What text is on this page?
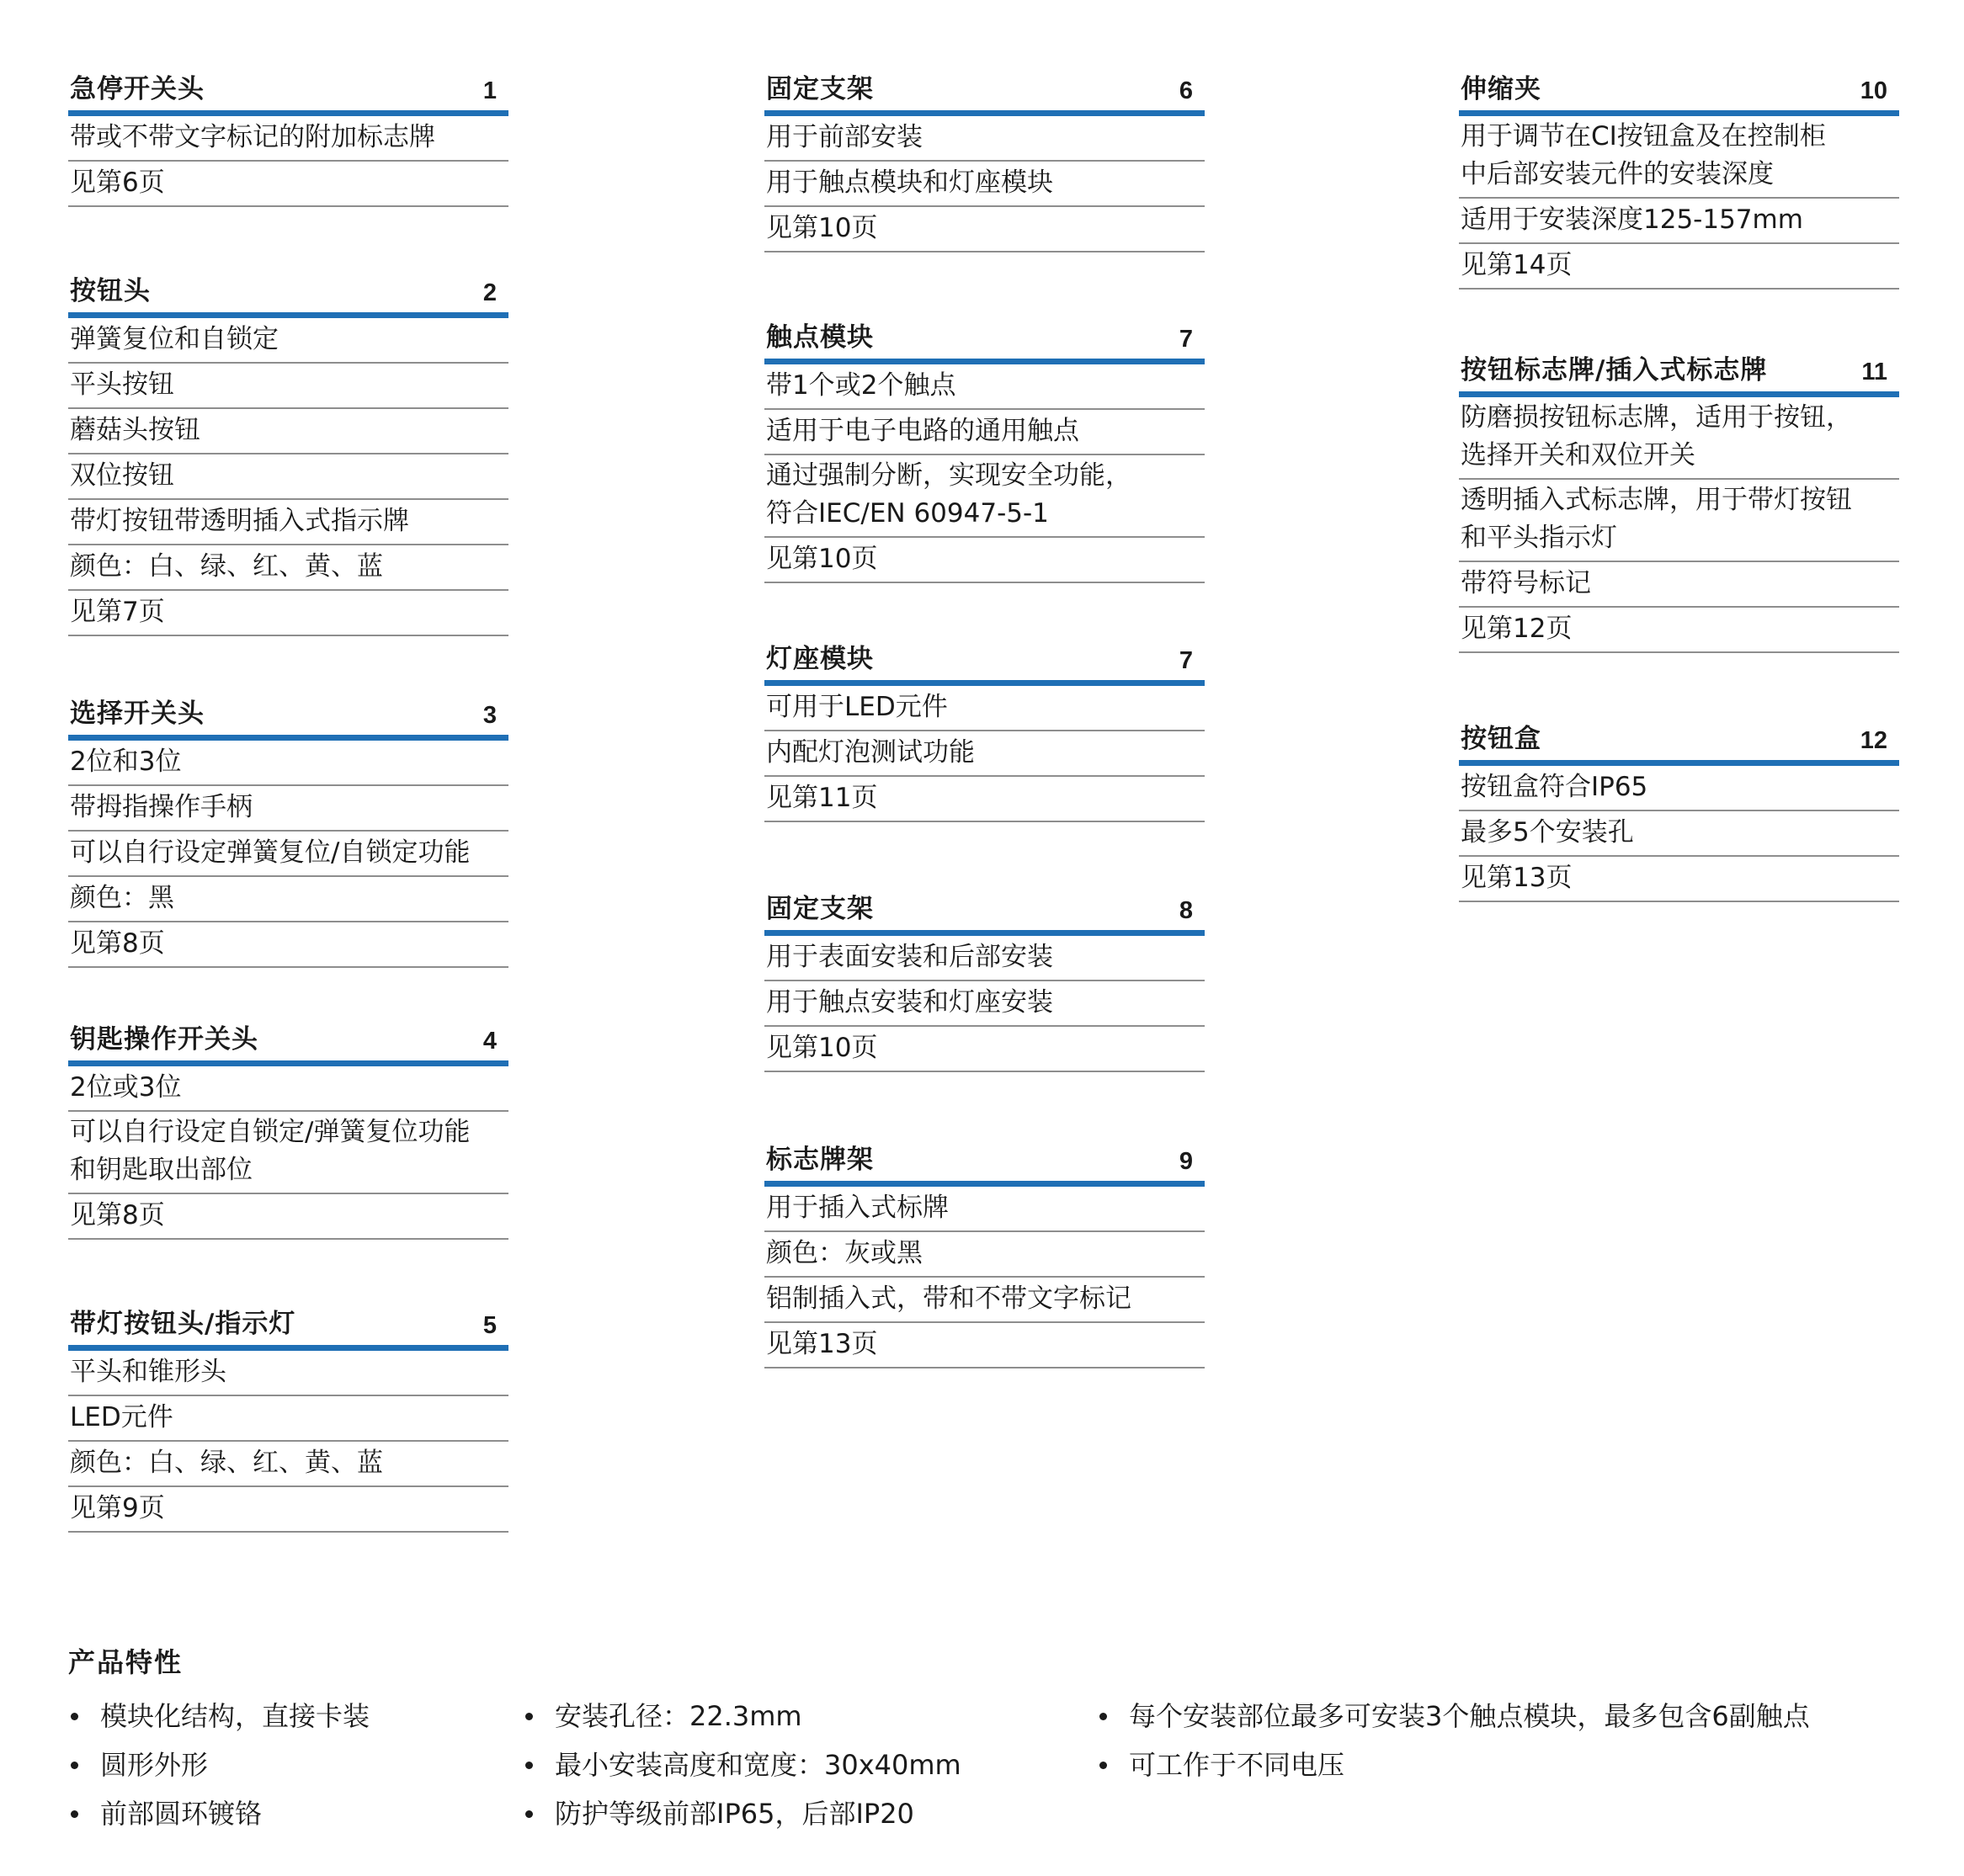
急停开关头	1
带或不带文字标记的附加标志牌
见第6页
按钮头	2
弹簧复位和自锁定
平头按钮
蘑菇头按钮
双位按钮
带灯按钮带透明插入式指示牌
颜色：白、绿、红、黄、蓝
见第7页
选择开关头	3
2位和3位
带拇指操作手柄
可以自行设定弹簧复位/自锁定功能
颜色：黑
见第8页
钥匙操作开关头	4
2位或3位
可以自行设定自锁定/弹簧复位功能
和钥匙取出部位
见第8页
带灯按钮头/指示灯	5
平头和锥形头
LED元件
颜色：白、绿、红、黄、蓝
见第9页
固定支架	6
用于前部安装
用于触点模块和灯座模块
见第10页
触点模块	7
带1个或2个触点
适用于电子电路的通用触点
通过强制分断，实现安全功能，
符合IEC/EN 60947-5-1
见第10页
灯座模块	7
可用于LED元件
内配灯泡测试功能
见第11页
固定支架	8
用于表面安装和后部安装
用于触点安装和灯座安装
见第10页
标志牌架	9
用于插入式标牌
颜色：灰或黑
铝制插入式，带和不带文字标记
见第13页
伸缩夹	10
用于调节在CI按钮盒及在控制柜
中后部安装元件的安装深度
适用于安装深度125-157mm
见第14页
按钮标志牌/插入式标志牌	11
防磨损按钮标志牌，适用于按钮，
选择开关和双位开关
透明插入式标志牌，用于带灯按钮
和平头指示灯
带符号标记
见第12页
按钮盒	12
按钮盒符合IP65
最多5个安装孔
见第13页
产品特性
模块化结构，直接卡装
圆形外形
前部圆环镀铬
安装孔径：22.3mm
最小安装高度和宽度：30x40mm
防护等级前部IP65，后部IP20
每个安装部位最多可安装3个触点模块，最多包含6副触点
可工作于不同电压
